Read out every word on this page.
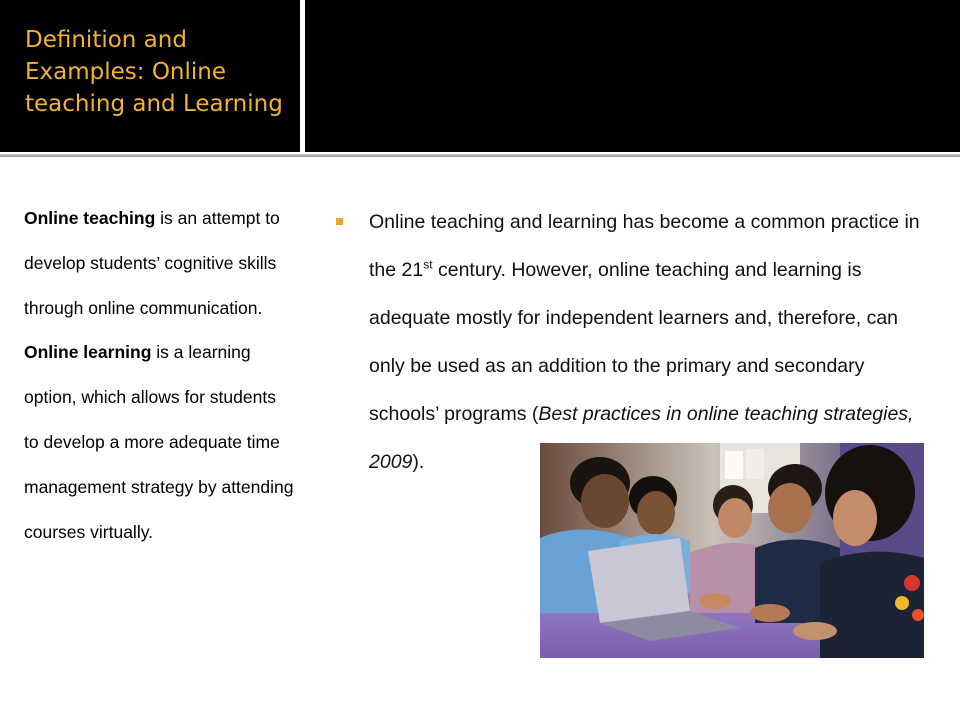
Definition and Examples: Online teaching and Learning
Online teaching is an attempt to develop students’ cognitive skills through online communication.
Online learning is a learning option, which allows for students to develop a more adequate time management strategy by attending courses virtually.
Online teaching and learning has become a common practice in the 21st century. However, online teaching and learning is adequate mostly for independent learners and, therefore, can only be used as an addition to the primary and secondary schools’ programs (Best practices in online teaching strategies, 2009).
